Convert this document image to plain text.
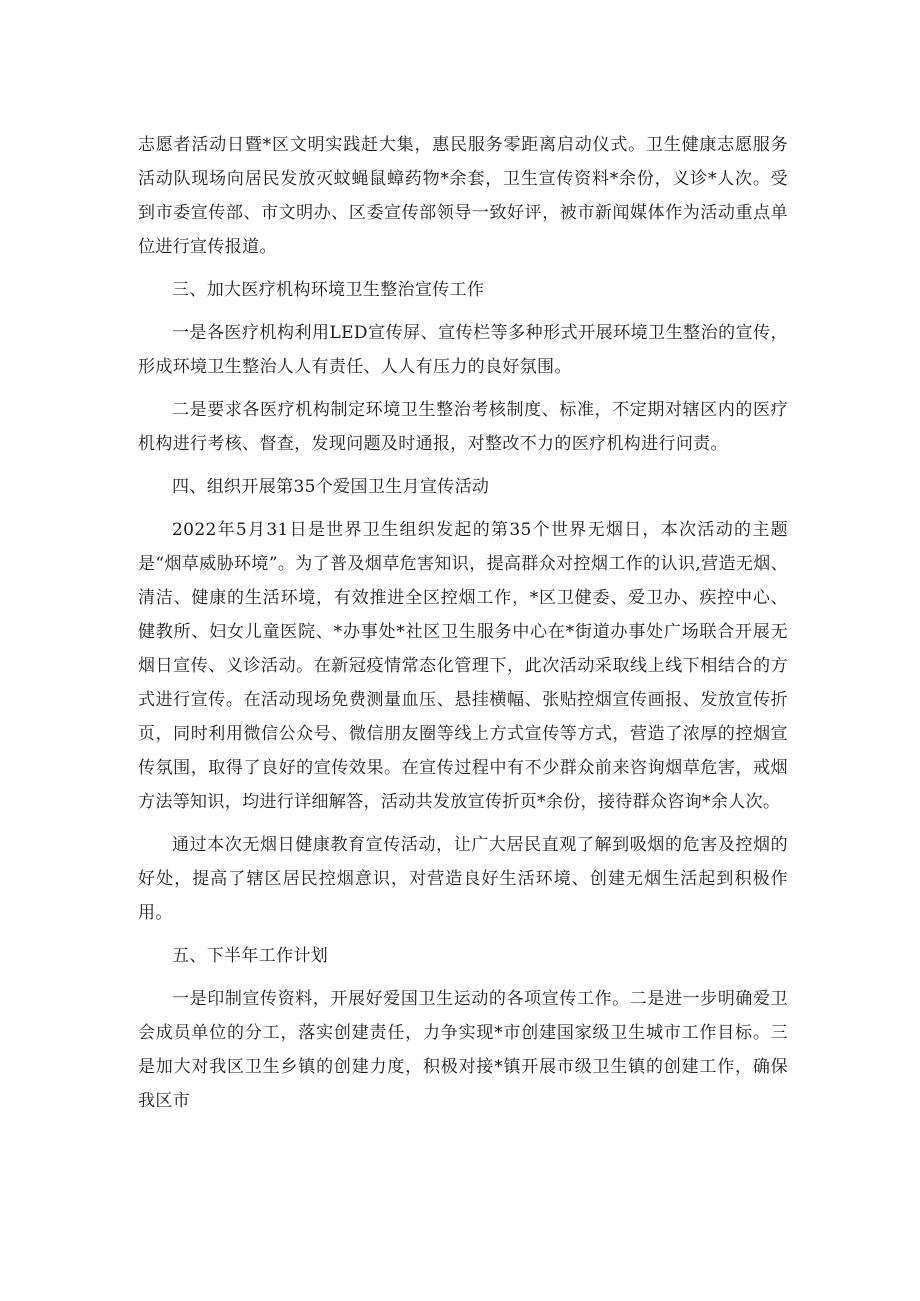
志愿者活动日暨*区文明实践赶大集，惠民服务零距离启动仪式。卫生健康志愿服务活动队现场向居民发放灭蚊蝇鼠蟑药物*余套，卫生宣传资料*余份，义诊*人次。受到市委宣传部、市文明办、区委宣传部领导一致好评，被市新闻媒体作为活动重点单位进行宣传报道。

三、加大医疗机构环境卫生整治宣传工作

一是各医疗机构利用LED宣传屏、宣传栏等多种形式开展环境卫生整治的宣传，形成环境卫生整治人人有责任、人人有压力的良好氛围。

二是要求各医疗机构制定环境卫生整治考核制度、标准，不定期对辖区内的医疗机构进行考核、督查，发现问题及时通报，对整改不力的医疗机构进行问责。

四、组织开展第35个爱国卫生月宣传活动

2022年5月31日是世界卫生组织发起的第35个世界无烟日，本次活动的主题是“烟草威胁环境”。为了普及烟草危害知识，提高群众对控烟工作的认识,营造无烟、清洁、健康的生活环境，有效推进全区控烟工作，*区卫健委、爱卫办、疾控中心、健教所、妇女儿童医院、*办事处*社区卫生服务中心在*街道办事处广场联合开展无烟日宣传、义诊活动。在新冠疫情常态化管理下，此次活动采取线上线下相结合的方式进行宣传。在活动现场免费测量血压、悬挂横幅、张贴控烟宣传画报、发放宣传折页，同时利用微信公众号、微信朋友圈等线上方式宣传等方式，营造了浓厚的控烟宣传氛围，取得了良好的宣传效果。在宣传过程中有不少群众前来咨询烟草危害，戒烟方法等知识，均进行详细解答，活动共发放宣传折页*余份，接待群众咨询*余人次。

通过本次无烟日健康教育宣传活动，让广大居民直观了解到吸烟的危害及控烟的好处，提高了辖区居民控烟意识，对营造良好生活环境、创建无烟生活起到积极作用。

五、下半年工作计划

一是印制宣传资料，开展好爱国卫生运动的各项宣传工作。二是进一步明确爱卫会成员单位的分工，落实创建责任，力争实现*市创建国家级卫生城市工作目标。三是加大对我区卫生乡镇的创建力度，积极对接*镇开展市级卫生镇的创建工作，确保我区市
